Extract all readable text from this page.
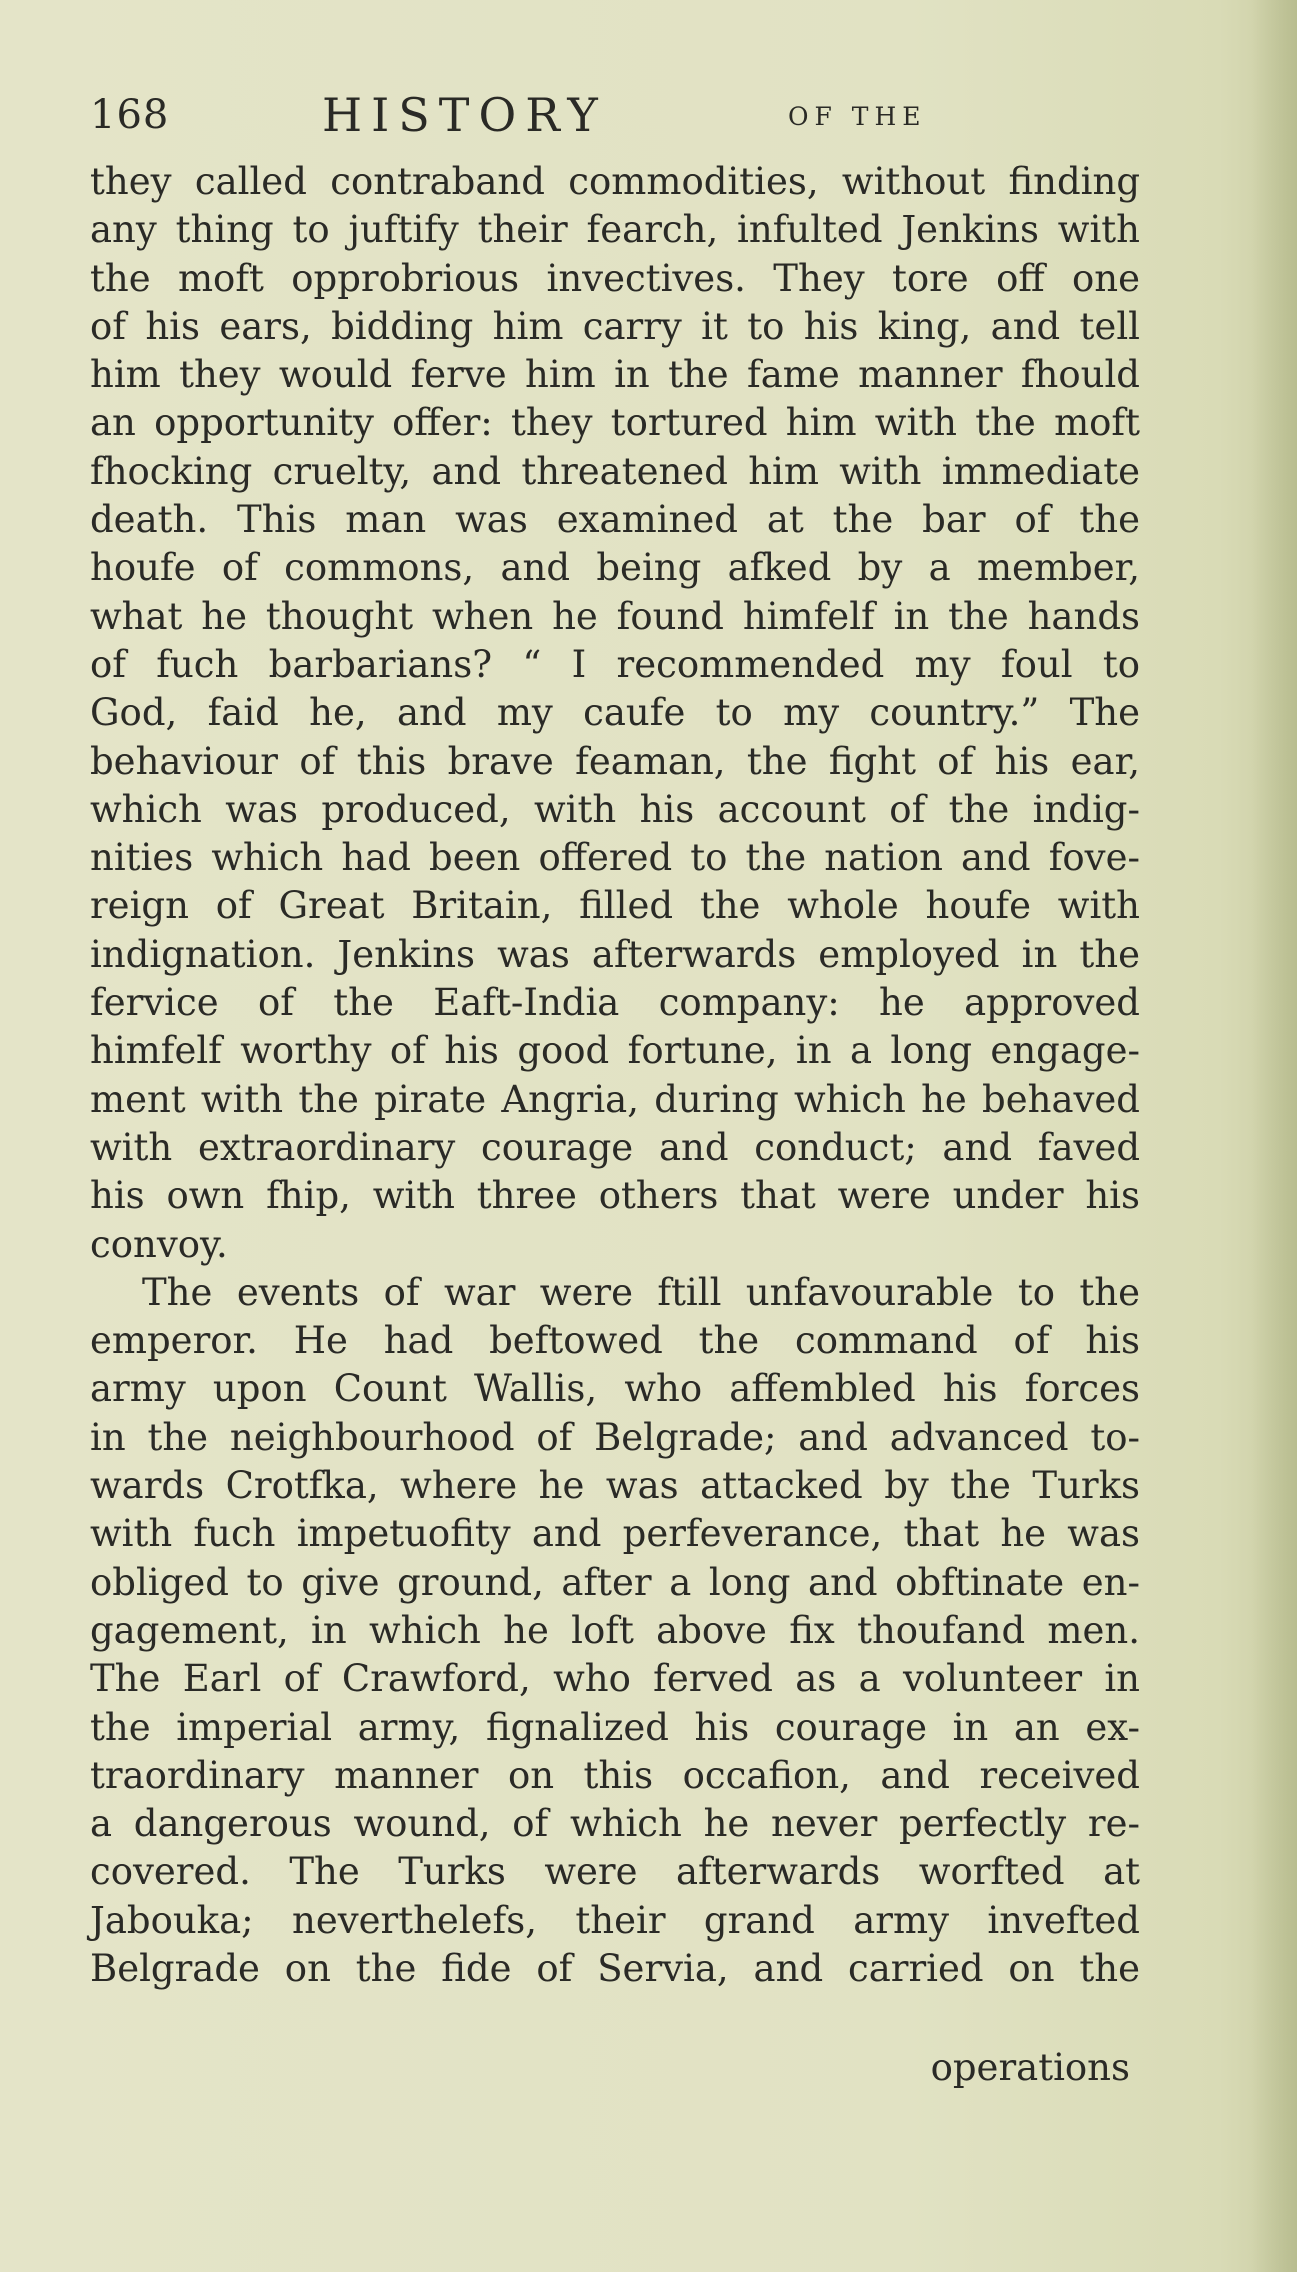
168	HISTORY	OF THE
they called contraband commodities, without finding
any thing to juftify their fearch, infulted Jenkins with
the moft opprobrious invectives. They tore off one
of his ears, bidding him carry it to his king, and tell
him they would ferve him in the fame manner fhould
an opportunity offer: they tortured him with the moft
fhocking cruelty, and threatened him with immediate
death. This man was examined at the bar of the
houfe of commons, and being afked by a member,
what he thought when he found himfelf in the hands
of fuch barbarians? “ I recommended my foul to
God, faid he, and my caufe to my country.” The
behaviour of this brave feaman, the fight of his ear,
which was produced, with his account of the indig-
nities which had been offered to the nation and fove-
reign of Great Britain, filled the whole houfe with
indignation. Jenkins was afterwards employed in the
fervice of the Eaft-India company: he approved
himfelf worthy of his good fortune, in a long engage-
ment with the pirate Angria, during which he behaved
with extraordinary courage and conduct; and faved
his own fhip, with three others that were under his
convoy.
The events of war were ftill unfavourable to the
emperor. He had beftowed the command of his
army upon Count Wallis, who affembled his forces
in the neighbourhood of Belgrade; and advanced to-
wards Crotfka, where he was attacked by the Turks
with fuch impetuofity and perfeverance, that he was
obliged to give ground, after a long and obftinate en-
gagement, in which he loft above fix thoufand men.
The Earl of Crawford, who ferved as a volunteer in
the imperial army, fignalized his courage in an ex-
traordinary manner on this occafion, and received
a dangerous wound, of which he never perfectly re-
covered. The Turks were afterwards worfted at
Jabouka; neverthelefs, their grand army invefted
Belgrade on the fide of Servia, and carried on the
operations
